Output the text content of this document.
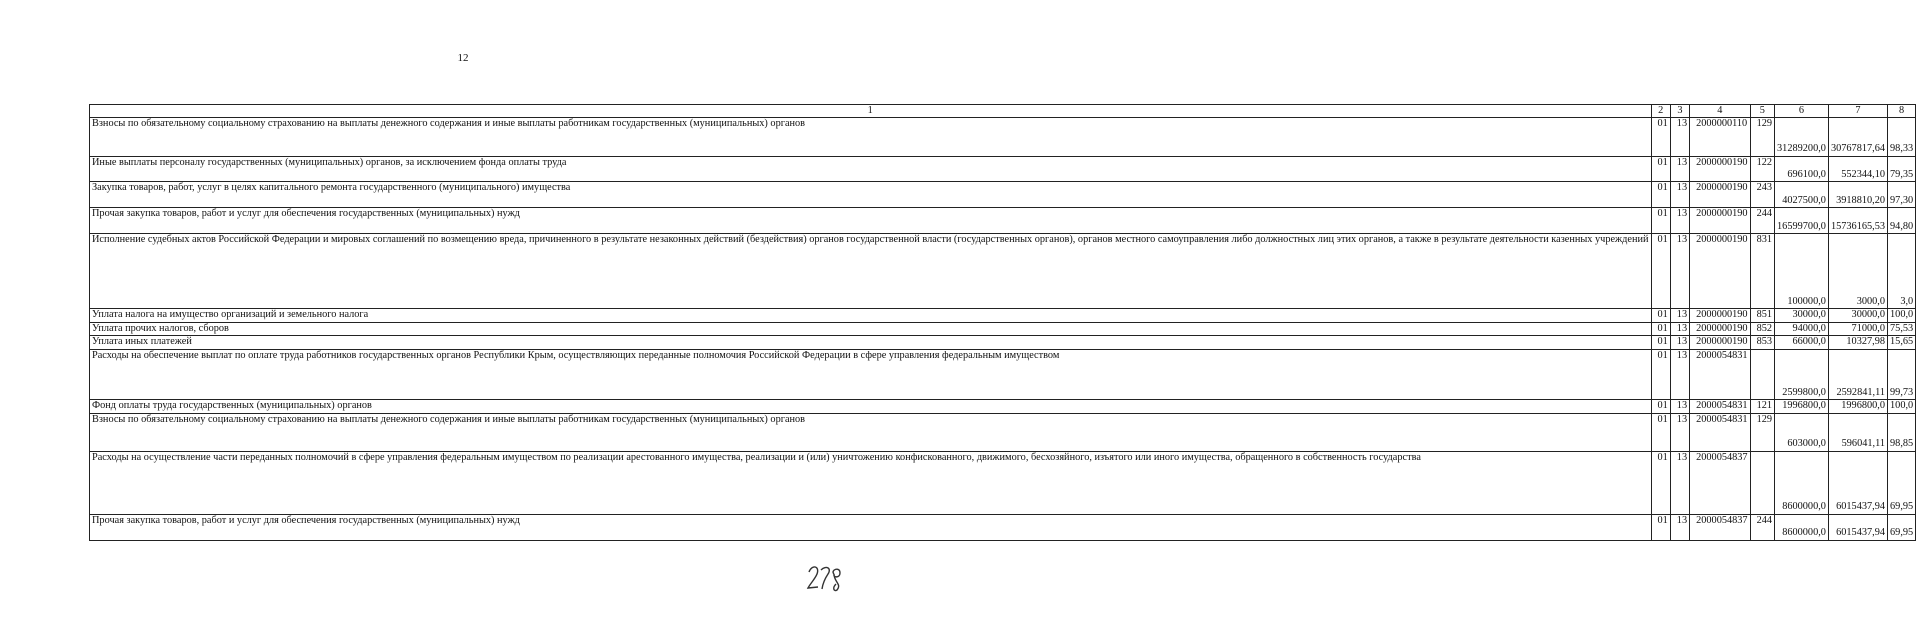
12
1	2	3	4	5	6	7	8
Взносы по обязательному социальному страхованию на выплаты денежного содержания и иные выплаты работникам государственных (муниципальных) органов	01	13	2000000110	129	31289200,0	30767817,64	98,33
Иные выплаты персоналу государственных (муниципальных) органов, за исключением фонда оплаты труда	01	13	2000000190	122	696100,0	552344,10	79,35
Закупка товаров, работ, услуг в целях капитального ремонта государственного (муниципального) имущества	01	13	2000000190	243	4027500,0	3918810,20	97,30
Прочая закупка товаров, работ и услуг для обеспечения государственных (муниципальных) нужд	01	13	2000000190	244	16599700,0	15736165,53	94,80
Исполнение судебных актов Российской Федерации и мировых соглашений по возмещению вреда, причиненного в результате незаконных действий (бездействия) органов государственной власти (государственных органов), органов местного самоуправления либо должностных лиц этих органов, а также в результате деятельности казенных учреждений	01	13	2000000190	831	100000,0	3000,0	3,0
Уплата налога на имущество организаций и земельного налога	01	13	2000000190	851	30000,0	30000,0	100,0
Уплата прочих налогов, сборов	01	13	2000000190	852	94000,0	71000,0	75,53
Уплата иных платежей	01	13	2000000190	853	66000,0	10327,98	15,65
Расходы на обеспечение выплат по оплате труда работников государственных органов Республики Крым, осуществляющих переданные полномочия Российской Федерации в сфере управления федеральным имуществом	01	13	2000054831		2599800,0	2592841,11	99,73
Фонд оплаты труда государственных (муниципальных) органов	01	13	2000054831	121	1996800,0	1996800,0	100,0
Взносы по обязательному социальному страхованию на выплаты денежного содержания и иные выплаты работникам государственных (муниципальных) органов	01	13	2000054831	129	603000,0	596041,11	98,85
Расходы на осуществление части переданных полномочий в сфере управления федеральным имуществом по реализации арестованного имущества, реализации и (или) уничтожению конфискованного, движимого, бесхозяйного, изъятого или иного имущества, обращенного в собственность государства	01	13	2000054837		8600000,0	6015437,94	69,95
Прочая закупка товаров, работ и услуг для обеспечения государственных (муниципальных) нужд	01	13	2000054837	244	8600000,0	6015437,94	69,95
